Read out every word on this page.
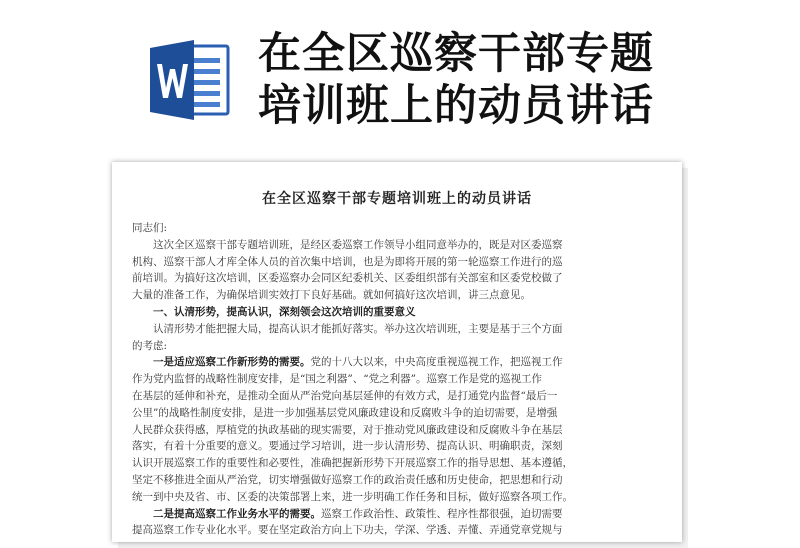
在全区巡察干部专题
培训班上的动员讲话
在全区巡察干部专题培训班上的动员讲话
同志们:
这次全区巡察干部专题培训班，是经区委巡察工作领导小组同意举办的，既是对区委巡察
机构、巡察干部人才库全体人员的首次集中培训，也是为即将开展的第一轮巡察工作进行的巡
前培训。为搞好这次培训，区委巡察办会同区纪委机关、区委组织部有关部室和区委党校做了
大量的准备工作，为确保培训实效打下良好基础。就如何搞好这次培训，讲三点意见。
一、认清形势，提高认识，深刻领会这次培训的重要意义
认清形势才能把握大局，提高认识才能抓好落实。举办这次培训班，主要是基于三个方面
的考虑:
一是适应巡察工作新形势的需要。党的十八大以来，中央高度重视巡视工作，把巡视工作
作为党内监督的战略性制度安排，是“国之利器”、“党之利器”。巡察工作是党的巡视工作
在基层的延伸和补充，是推动全面从严治党向基层延伸的有效方式，是打通党内监督“最后一
公里”的战略性制度安排，是进一步加强基层党风廉政建设和反腐败斗争的迫切需要，是增强
人民群众获得感，厚植党的执政基础的现实需要，对于推动党风廉政建设和反腐败斗争在基层
落实，有着十分重要的意义。要通过学习培训，进一步认清形势、提高认识、明确职责，深刻
认识开展巡察工作的重要性和必要性，准确把握新形势下开展巡察工作的指导思想、基本遵循，
坚定不移推进全面从严治党，切实增强做好巡察工作的政治责任感和历史使命，把思想和行动
统一到中央及省、市、区委的决策部署上来，进一步明确工作任务和目标，做好巡察各项工作。
二是提高巡察工作业务水平的需要。巡察工作政治性、政策性、程序性都很强，迫切需要
提高巡察工作专业化水平。要在坚定政治方向上下功夫，学深、学透、弄懂、弄通党章党规与
